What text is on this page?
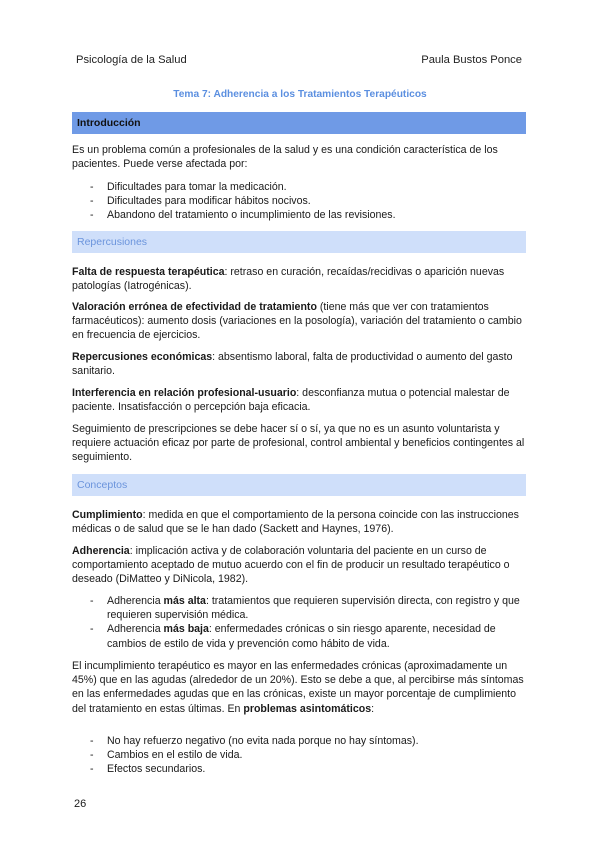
Psicología de la Salud	Paula Bustos Ponce
Tema 7: Adherencia a los Tratamientos Terapéuticos
Introducción

Es un problema común a profesionales de la salud y es una condición característica de los pacientes. Puede verse afectada por:

- Dificultades para tomar la medicación.
- Dificultades para modificar hábitos nocivos.
- Abandono del tratamiento o incumplimiento de las revisiones.
Repercusiones

Falta de respuesta terapéutica: retraso en curación, recaídas/recidivas o aparición nuevas patologías (Iatrogénicas).

Valoración errónea de efectividad de tratamiento (tiene más que ver con tratamientos farmacéuticos): aumento dosis (variaciones en la posología), variación del tratamiento o cambio en frecuencia de ejercicios.

Repercusiones económicas: absentismo laboral, falta de productividad o aumento del gasto sanitario.

Interferencia en relación profesional-usuario: desconfianza mutua o potencial malestar de paciente. Insatisfacción o percepción baja eficacia.

Seguimiento de prescripciones se debe hacer sí o sí, ya que no es un asunto voluntarista y requiere actuación eficaz por parte de profesional, control ambiental y beneficios contingentes al seguimiento.

Conceptos

Cumplimiento: medida en que el comportamiento de la persona coincide con las instrucciones médicas o de salud que se le han dado (Sackett and Haynes, 1976).

Adherencia: implicación activa y de colaboración voluntaria del paciente en un curso de comportamiento aceptado de mutuo acuerdo con el fin de producir un resultado terapéutico o deseado (DiMatteo y DiNicola, 1982).

- Adherencia más alta: tratamientos que requieren supervisión directa, con registro y que requieren supervisión médica.
- Adherencia más baja: enfermedades crónicas o sin riesgo aparente, necesidad de cambios de estilo de vida y prevención como hábito de vida.

El incumplimiento terapéutico es mayor en las enfermedades crónicas (aproximadamente un 45%) que en las agudas (alrededor de un 20%). Esto se debe a que, al percibirse más síntomas en las enfermedades agudas que en las crónicas, existe un mayor porcentaje de cumplimiento del tratamiento en estas últimas. En problemas asintomáticos:

- No hay refuerzo negativo (no evita nada porque no hay síntomas).
- Cambios en el estilo de vida.
- Efectos secundarios.
26
